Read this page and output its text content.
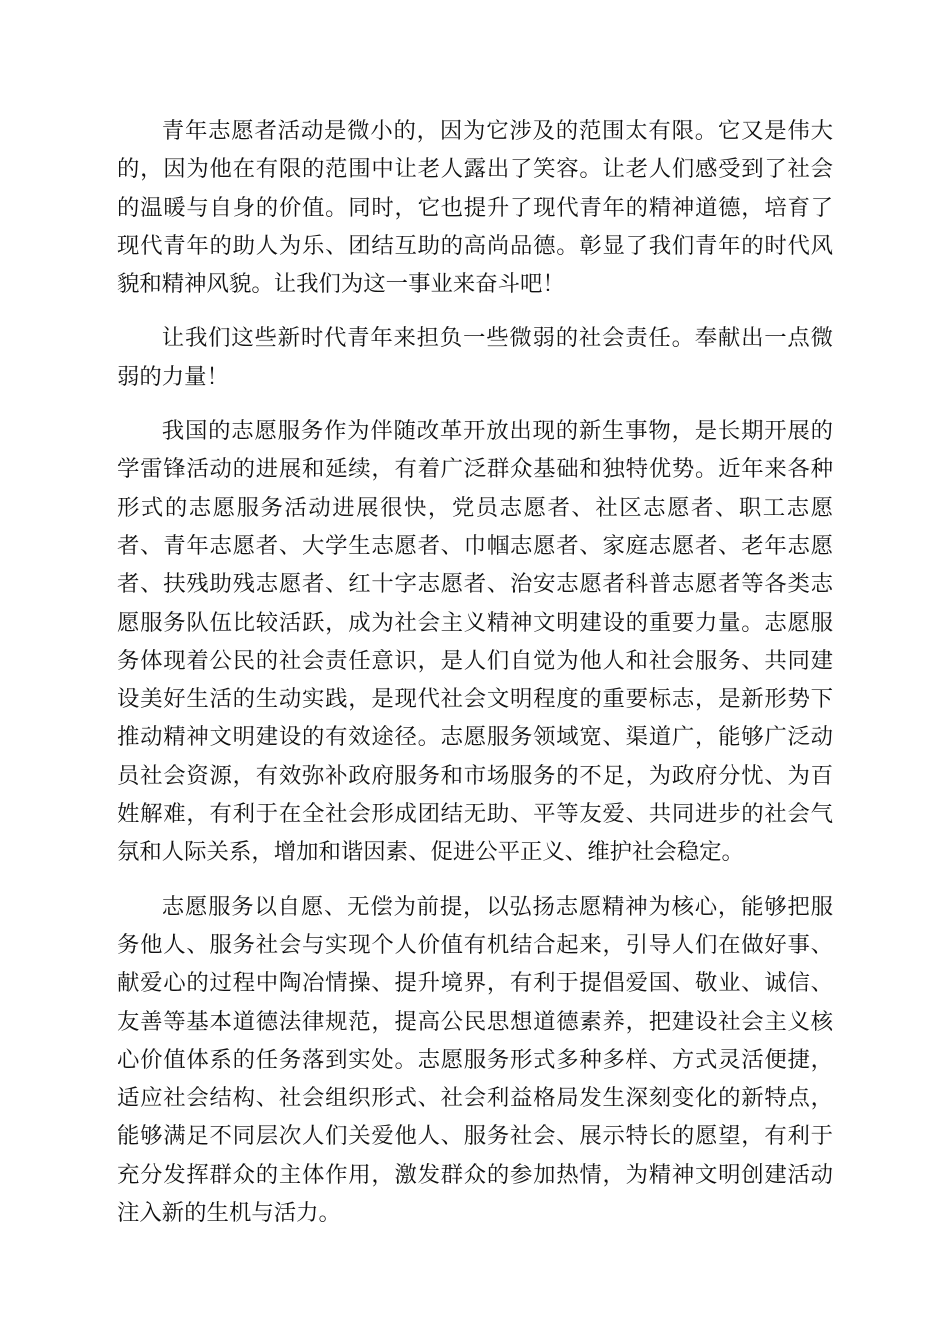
青年志愿者活动是微小的，因为它涉及的范围太有限。它又是伟大的，因为他在有限的范围中让老人露出了笑容。让老人们感受到了社会的温暖与自身的价值。同时，它也提升了现代青年的精神道德，培育了现代青年的助人为乐、团结互助的高尚品德。彰显了我们青年的时代风貌和精神风貌。让我们为这一事业来奋斗吧！

让我们这些新时代青年来担负一些微弱的社会责任。奉献出一点微弱的力量！

我国的志愿服务作为伴随改革开放出现的新生事物，是长期开展的学雷锋活动的进展和延续，有着广泛群众基础和独特优势。近年来各种形式的志愿服务活动进展很快，党员志愿者、社区志愿者、职工志愿者、青年志愿者、大学生志愿者、巾帼志愿者、家庭志愿者、老年志愿者、扶残助残志愿者、红十字志愿者、治安志愿者科普志愿者等各类志愿服务队伍比较活跃，成为社会主义精神文明建设的重要力量。志愿服务体现着公民的社会责任意识，是人们自觉为他人和社会服务、共同建设美好生活的生动实践，是现代社会文明程度的重要标志，是新形势下推动精神文明建设的有效途径。志愿服务领域宽、渠道广，能够广泛动员社会资源，有效弥补政府服务和市场服务的不足，为政府分忧、为百姓解难，有利于在全社会形成团结无助、平等友爱、共同进步的社会气氛和人际关系，增加和谐因素、促进公平正义、维护社会稳定。

志愿服务以自愿、无偿为前提，以弘扬志愿精神为核心，能够把服务他人、服务社会与实现个人价值有机结合起来，引导人们在做好事、献爱心的过程中陶冶情操、提升境界，有利于提倡爱国、敬业、诚信、友善等基本道德法律规范，提高公民思想道德素养，把建设社会主义核心价值体系的任务落到实处。志愿服务形式多种多样、方式灵活便捷，适应社会结构、社会组织形式、社会利益格局发生深刻变化的新特点，能够满足不同层次人们关爱他人、服务社会、展示特长的愿望，有利于充分发挥群众的主体作用，激发群众的参加热情，为精神文明创建活动注入新的生机与活力。
